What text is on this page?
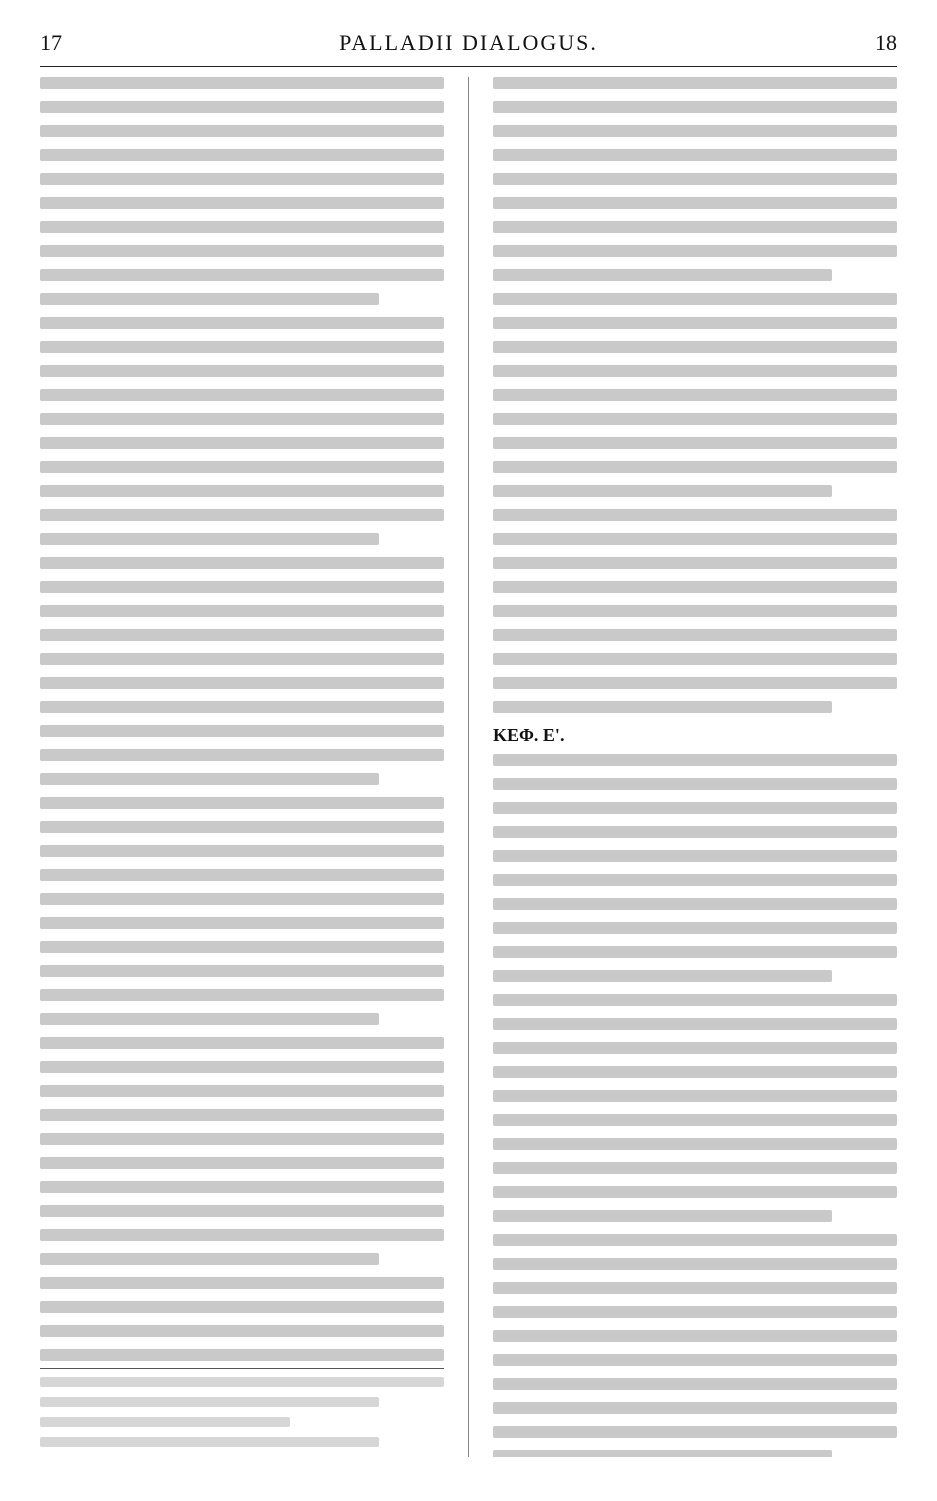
17	PALLADII DIALOGUS.	18
ΚΕΦ. Ε'.
